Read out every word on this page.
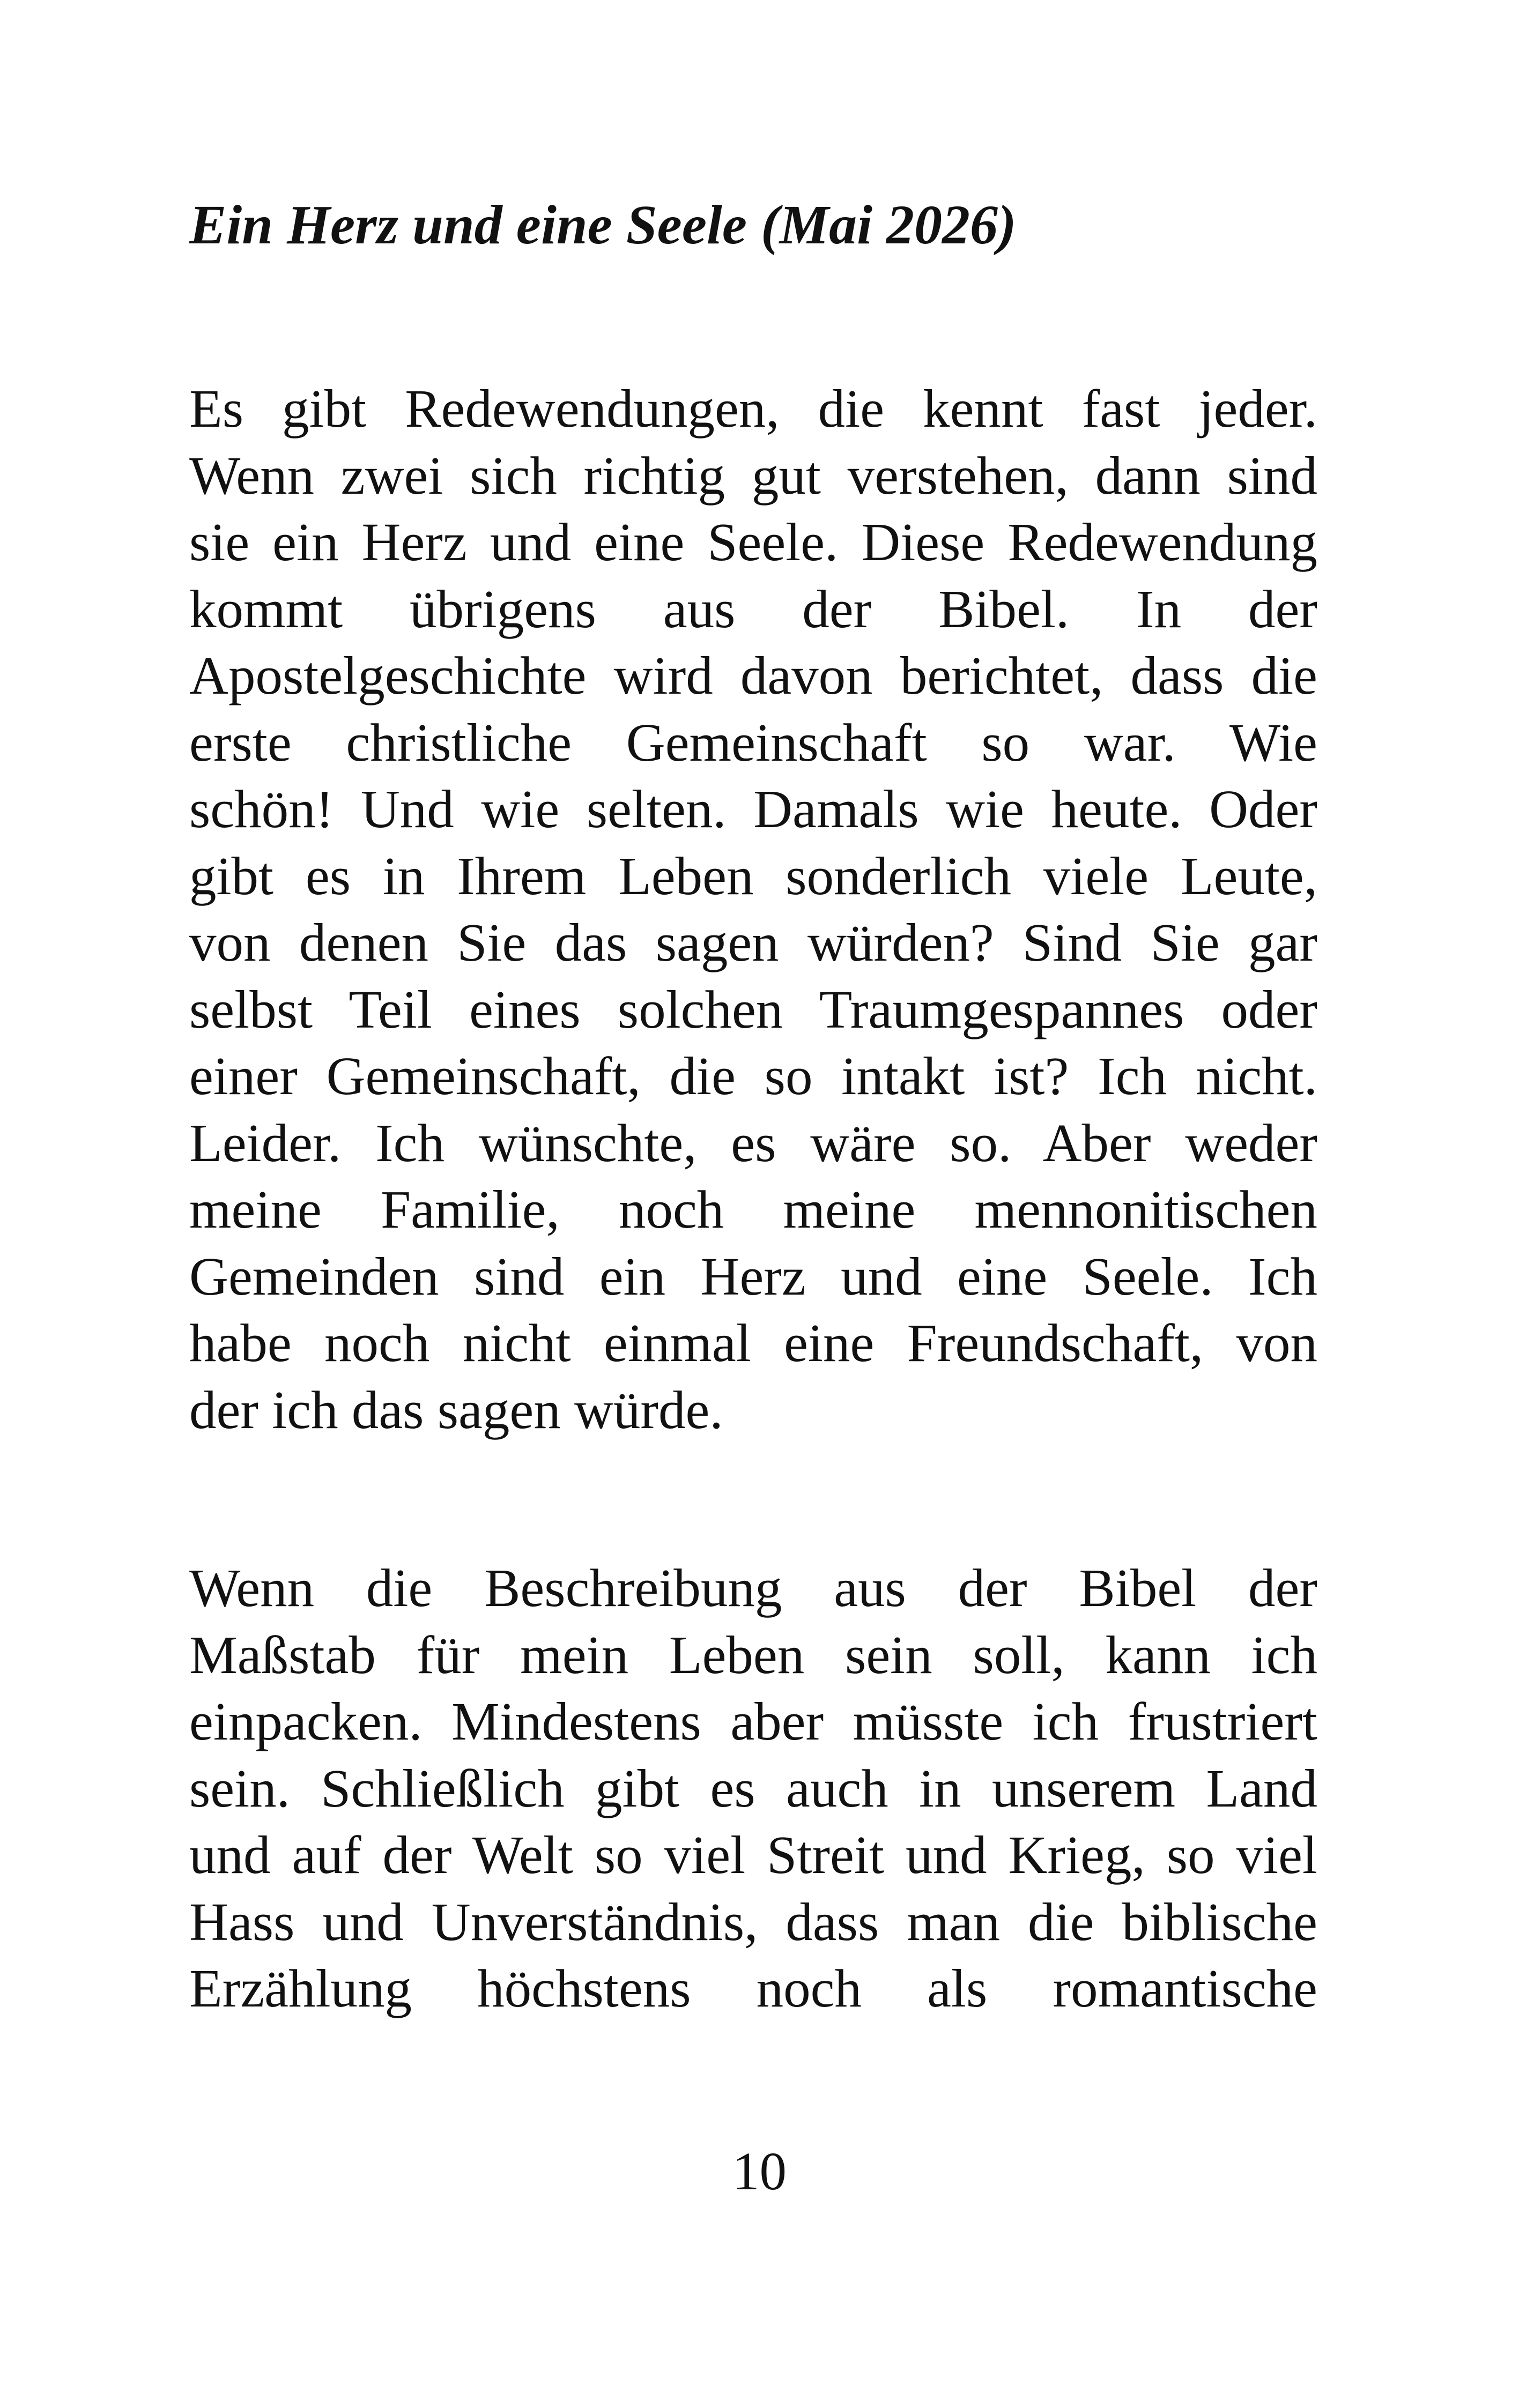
Ein Herz und eine Seele (Mai 2026)
Es gibt Redewendungen, die kennt fast jeder.
Wenn zwei sich richtig gut verstehen, dann sind
sie ein Herz und eine Seele. Diese Redewendung
kommt übrigens aus der Bibel. In der
Apostelgeschichte wird davon berichtet, dass die
erste christliche Gemeinschaft so war. Wie
schön! Und wie selten. Damals wie heute. Oder
gibt es in Ihrem Leben sonderlich viele Leute,
von denen Sie das sagen würden? Sind Sie gar
selbst Teil eines solchen Traumgespannes oder
einer Gemeinschaft, die so intakt ist? Ich nicht.
Leider. Ich wünschte, es wäre so. Aber weder
meine Familie, noch meine mennonitischen
Gemeinden sind ein Herz und eine Seele. Ich
habe noch nicht einmal eine Freundschaft, von
der ich das sagen würde.
Wenn die Beschreibung aus der Bibel der
Maßstab für mein Leben sein soll, kann ich
einpacken. Mindestens aber müsste ich frustriert
sein. Schließlich gibt es auch in unserem Land
und auf der Welt so viel Streit und Krieg, so viel
Hass und Unverständnis, dass man die biblische
Erzählung höchstens noch als romantische
10
